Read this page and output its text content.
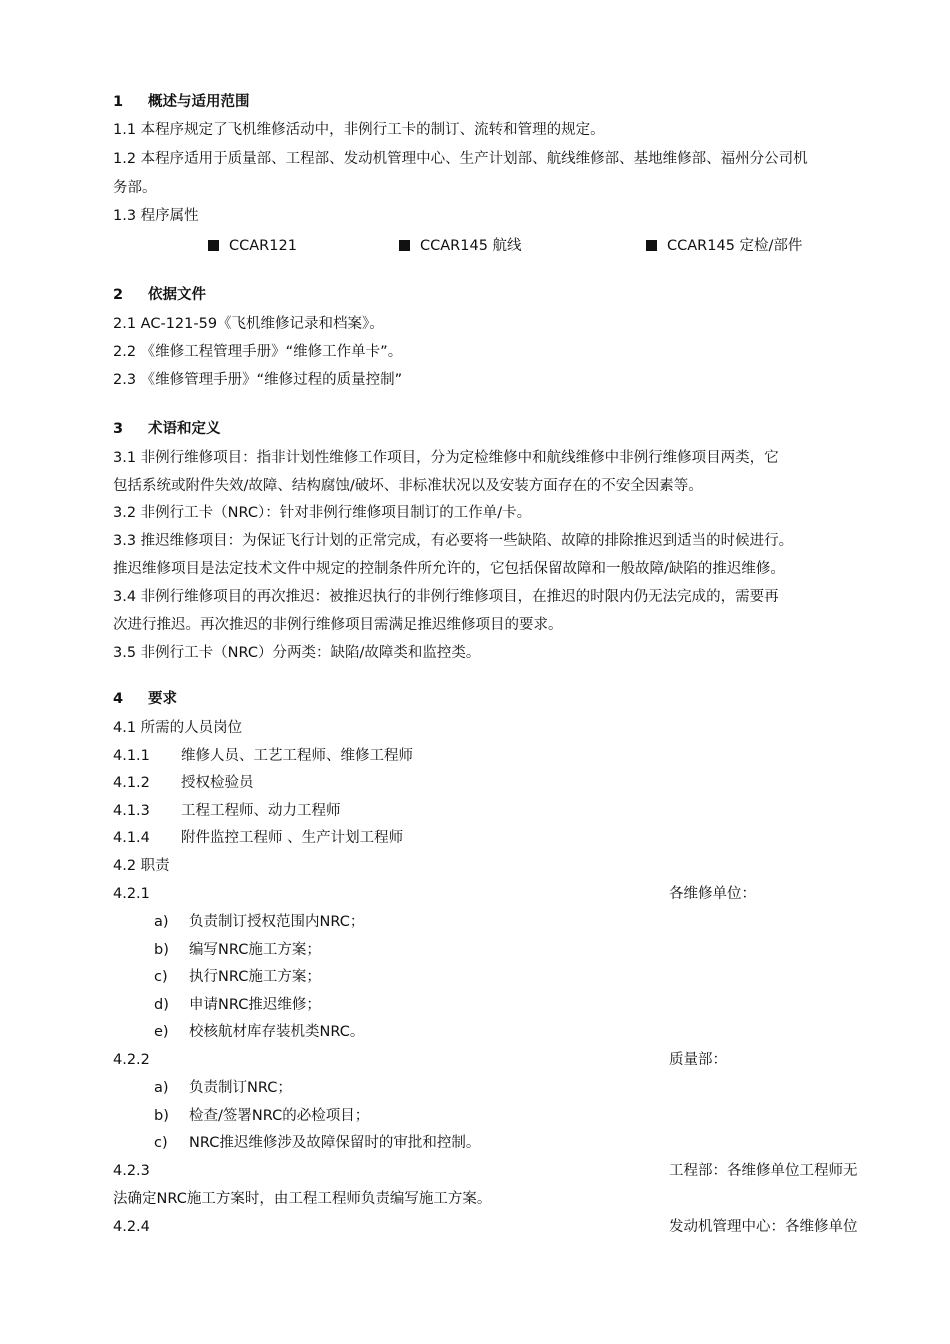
1 概述与适用范围
1.1 本程序规定了飞机维修活动中，非例行工卡的制订、流转和管理的规定。
1.2 本程序适用于质量部、工程部、发动机管理中心、生产计划部、航线维修部、基地维修部、福州分公司机
务部。
1.3 程序属性
CCAR121	CCAR145 航线	CCAR145 定检/部件
2 依据文件
2.1 AC-121-59《飞机维修记录和档案》。
2.2 《维修工程管理手册》“维修工作单卡”。
2.3 《维修管理手册》“维修过程的质量控制”
3 术语和定义
3.1 非例行维修项目：指非计划性维修工作项目，分为定检维修中和航线维修中非例行维修项目两类，它
包括系统或附件失效/故障、结构腐蚀/破坏、非标准状况以及安装方面存在的不安全因素等。
3.2 非例行工卡（NRC）：针对非例行维修项目制订的工作单/卡。
3.3 推迟维修项目：为保证飞行计划的正常完成，有必要将一些缺陷、故障的排除推迟到适当的时候进行。
推迟维修项目是法定技术文件中规定的控制条件所允许的，它包括保留故障和一般故障/缺陷的推迟维修。
3.4 非例行维修项目的再次推迟：被推迟执行的非例行维修项目，在推迟的时限内仍无法完成的，需要再
次进行推迟。再次推迟的非例行维修项目需满足推迟维修项目的要求。
3.5 非例行工卡（NRC）分两类：缺陷/故障类和监控类。
4 要求
4.1 所需的人员岗位
4.1.1 维修人员、工艺工程师、维修工程师
4.1.2 授权检验员
4.1.3 工程工程师、动力工程师
4.1.4 附件监控工程师 、生产计划工程师
4.2 职责
4.2.1	各维修单位：
a) 负责制订授权范围内NRC；
b) 编写NRC施工方案；
c) 执行NRC施工方案；
d) 申请NRC推迟维修；
e) 校核航材库存装机类NRC。
4.2.2	质量部：
a) 负责制订NRC；
b) 检查/签署NRC的必检项目；
c) NRC推迟维修涉及故障保留时的审批和控制。
4.2.3	工程部：各维修单位工程师无
法确定NRC施工方案时，由工程工程师负责编写施工方案。
4.2.4	发动机管理中心：各维修单位
